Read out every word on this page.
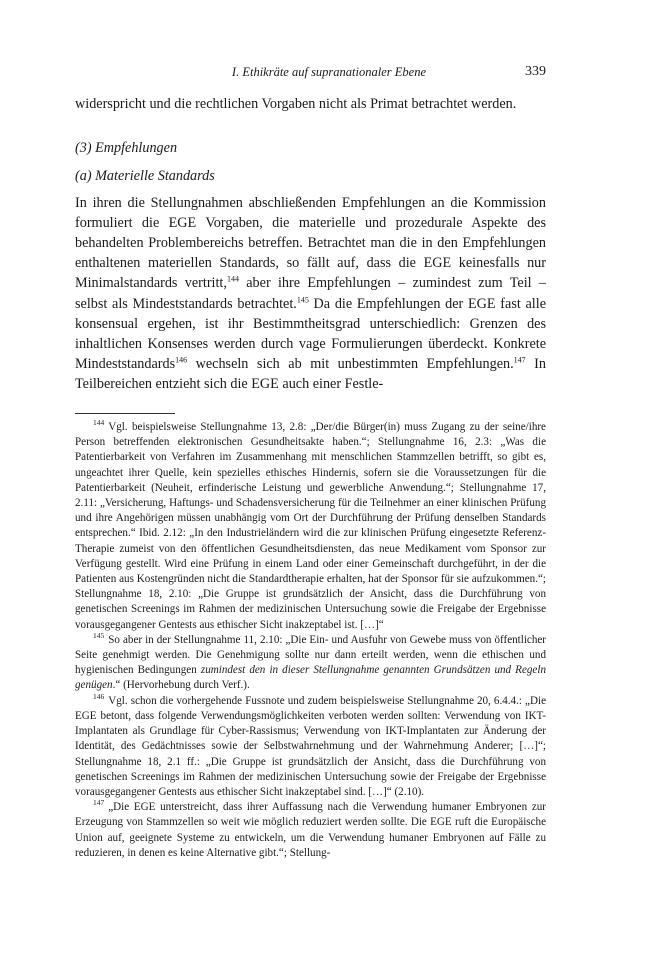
I. Ethikräte auf supranationaler Ebene	339

widerspricht und die rechtlichen Vorgaben nicht als Primat betrachtet werden.

(3) Empfehlungen

(a) Materielle Standards

In ihren die Stellungnahmen abschließenden Empfehlungen an die Kommission formuliert die EGE Vorgaben, die materielle und prozedurale Aspekte des behandelten Problembereichs betreffen. Betrachtet man die in den Empfehlungen enthaltenen materiellen Standards, so fällt auf, dass die EGE keinesfalls nur Minimalstandards vertritt,$^{144}$ aber ihre Empfehlungen – zumindest zum Teil – selbst als Mindeststandards betrachtet.$^{145}$ Da die Empfehlungen der EGE fast alle konsensual ergehen, ist ihr Bestimmtheitsgrad unterschiedlich: Grenzen des inhaltlichen Konsenses werden durch vage Formulierungen überdeckt. Konkrete Mindeststandards$^{146}$ wechseln sich ab mit unbestimmten Empfehlungen.$^{147}$ In Teilbereichen entzieht sich die EGE auch einer Festle-

$^{144}$ Vgl. beispielsweise Stellungnahme 13, 2.8: „Der/die Bürger(in) muss Zugang zu der seine/ihre Person betreffenden elektronischen Gesundheitsakte haben.“; Stellungnahme 16, 2.3: „Was die Patentierbarkeit von Verfahren im Zusammenhang mit menschlichen Stammzellen betrifft, so gibt es, ungeachtet ihrer Quelle, kein spezielles ethisches Hindernis, sofern sie die Voraussetzungen für die Patentierbarkeit (Neuheit, erfinderische Leistung und gewerbliche Anwendung.“; Stellungnahme 17, 2.11: „Versicherung, Haftungs- und Schadensversicherung für die Teilnehmer an einer klinischen Prüfung und ihre Angehörigen müssen unabhängig vom Ort der Durchführung der Prüfung denselben Standards entsprechen.“ Ibid. 2.12: „In den Industrieländern wird die zur klinischen Prüfung eingesetzte Referenz-Therapie zumeist von den öffentlichen Gesundheitsdiensten, das neue Medikament vom Sponsor zur Verfügung gestellt. Wird eine Prüfung in einem Land oder einer Gemeinschaft durchgeführt, in der die Patienten aus Kostengründen nicht die Standardtherapie erhalten, hat der Sponsor für sie aufzukommen.“; Stellungnahme 18, 2.10: „Die Gruppe ist grundsätzlich der Ansicht, dass die Durchführung von genetischen Screenings im Rahmen der medizinischen Untersuchung sowie die Freigabe der Ergebnisse vorausgegangener Gentests aus ethischer Sicht inakzeptabel ist. […]“

$^{145}$ So aber in der Stellungnahme 11, 2.10: „Die Ein- und Ausfuhr von Gewebe muss von öffentlicher Seite genehmigt werden. Die Genehmigung sollte nur dann erteilt werden, wenn die ethischen und hygienischen Bedingungen zumindest den in dieser Stellungnahme genannten Grundsätzen und Regeln genügen.“ (Hervorhebung durch Verf.).

$^{146}$ Vgl. schon die vorhergehende Fussnote und zudem beispielsweise Stellungnahme 20, 6.4.4.: „Die EGE betont, dass folgende Verwendungsmöglichkeiten verboten werden sollten: Verwendung von IKT-Implantaten als Grundlage für Cyber-Rassismus; Verwendung von IKT-Implantaten zur Änderung der Identität, des Gedächtnisses sowie der Selbstwahrnehmung und der Wahrnehmung Anderer; […]“; Stellungnahme 18, 2.1 ff.: „Die Gruppe ist grundsätzlich der Ansicht, dass die Durchführung von genetischen Screenings im Rahmen der medizinischen Untersuchung sowie der Freigabe der Ergebnisse vorausgegangener Gentests aus ethischer Sicht inakzeptabel sind. […]“ (2.10).

$^{147}$ „Die EGE unterstreicht, dass ihrer Auffassung nach die Verwendung humaner Embryonen zur Erzeugung von Stammzellen so weit wie möglich reduziert werden sollte. Die EGE ruft die Europäische Union auf, geeignete Systeme zu entwickeln, um die Verwendung humaner Embryonen auf Fälle zu reduzieren, in denen es keine Alternative gibt.“; Stellung-
